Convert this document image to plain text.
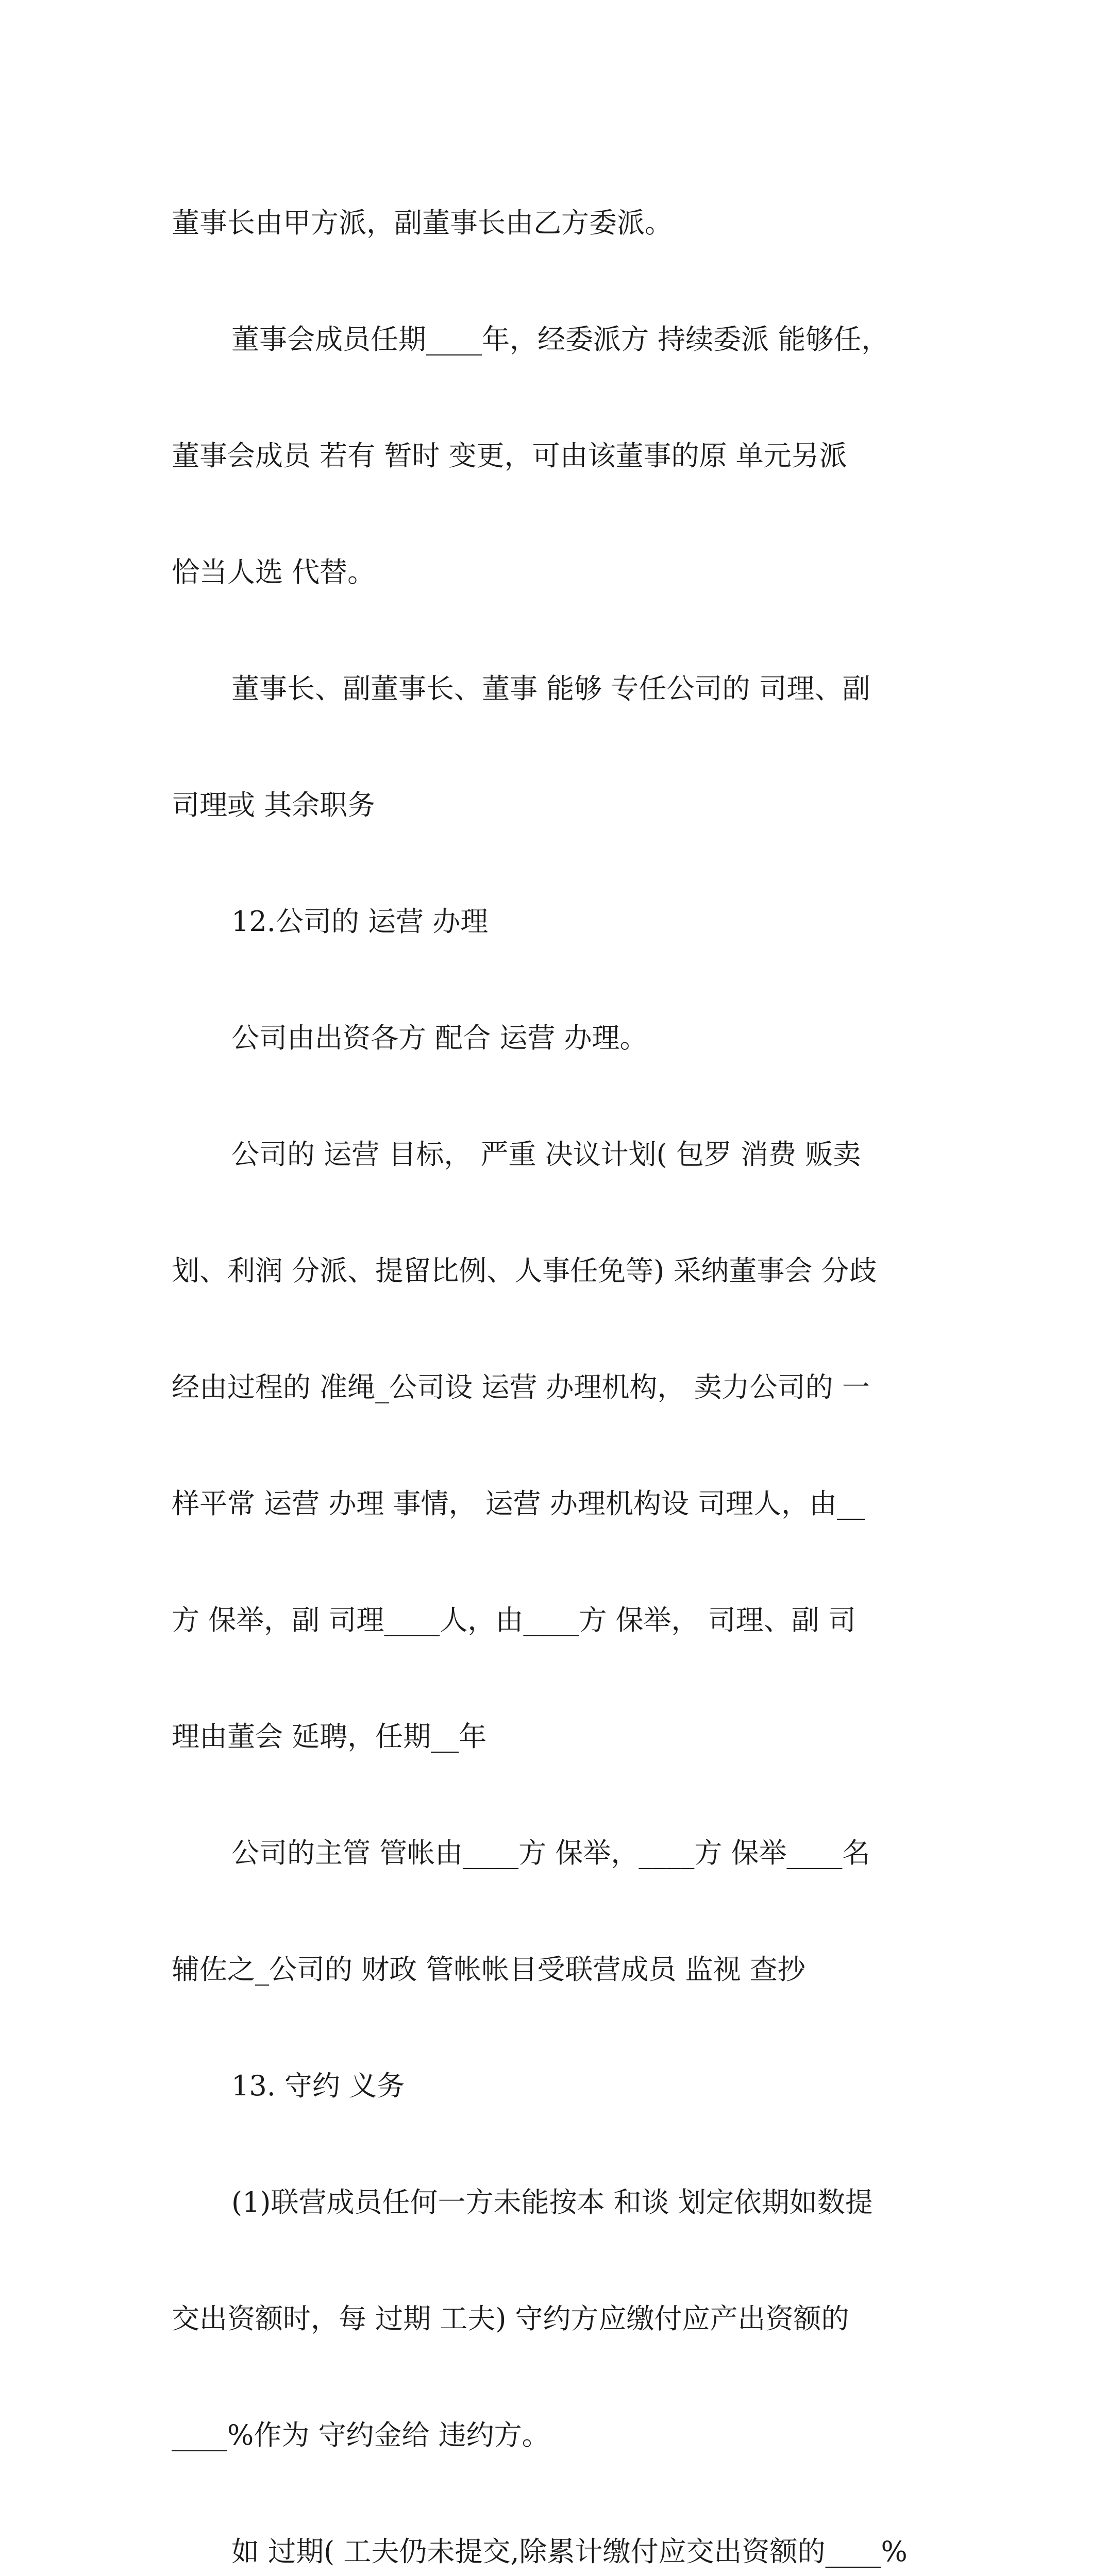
董事长由甲方派，副董事长由乙方委派。

董事会成员任期____年，经委派方 持续委派 能够任，

董事会成员 若有 暂时 变更，可由该董事的原 单元另派

恰当人选 代替。

董事长、副董事长、董事 能够 专任公司的 司理、副

司理或 其余职务

12.公司的 运营 办理

公司由出资各方 配合 运营 办理。

公司的 运营 目标， 严重 决议计划( 包罗 消费 贩卖

划、利润 分派、提留比例、人事任免等) 采纳董事会 分歧

经由过程的 准绳_公司设 运营 办理机构， 卖力公司的 一

样平常 运营 办理 事情， 运营 办理机构设 司理人，由__

方 保举，副 司理____人，由____方 保举， 司理、副 司

理由董会 延聘，任期__年

公司的主管 管帐由____方 保举，____方 保举____名

辅佐之_公司的 财政 管帐帐目受联营成员 监视 查抄

13. 守约 义务

(1)联营成员任何一方未能按本 和谈 划定依期如数提

交出资额时，每 过期 工夫) 守约方应缴付应产出资额的

____%作为 守约金给 违约方。

如 过期( 工夫仍未提交,除累计缴付应交出资额的____%
